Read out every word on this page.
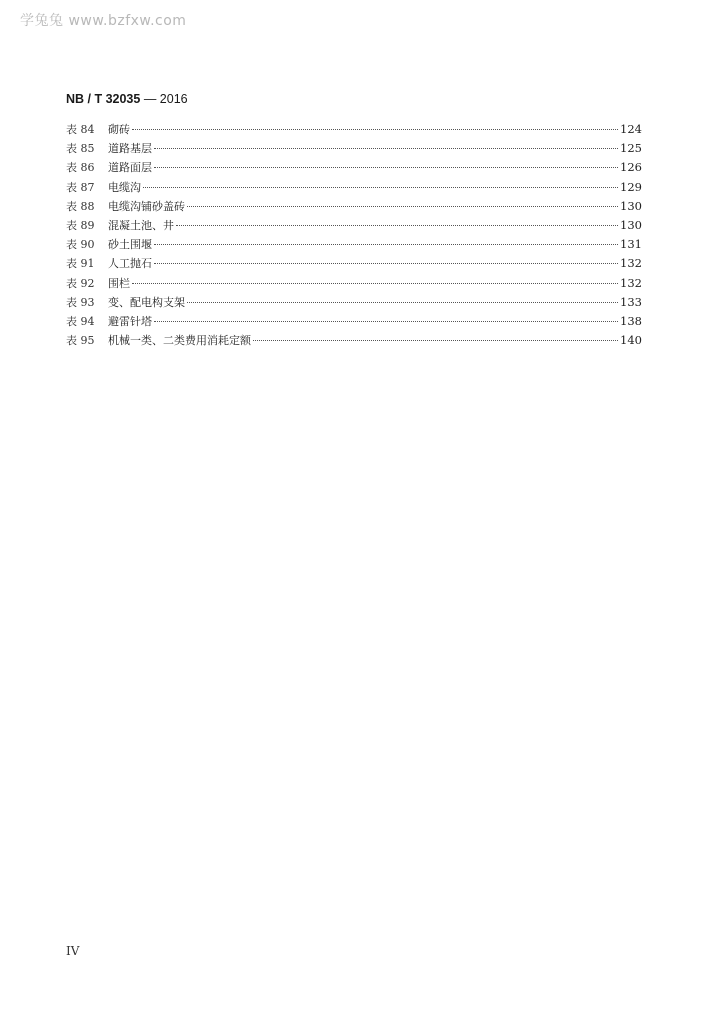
学兔兔 www.bzfxw.com
NB / T 32035 — 2016
表 84	砌砖	124
表 85	道路基层	125
表 86	道路面层	126
表 87	电缆沟	129
表 88	电缆沟铺砂盖砖	130
表 89	混凝土池、井	130
表 90	砂土围堰	131
表 91	人工抛石	132
表 92	围栏	132
表 93	变、配电构支架	133
表 94	避雷针塔	138
表 95	机械一类、二类费用消耗定额	140
IV
